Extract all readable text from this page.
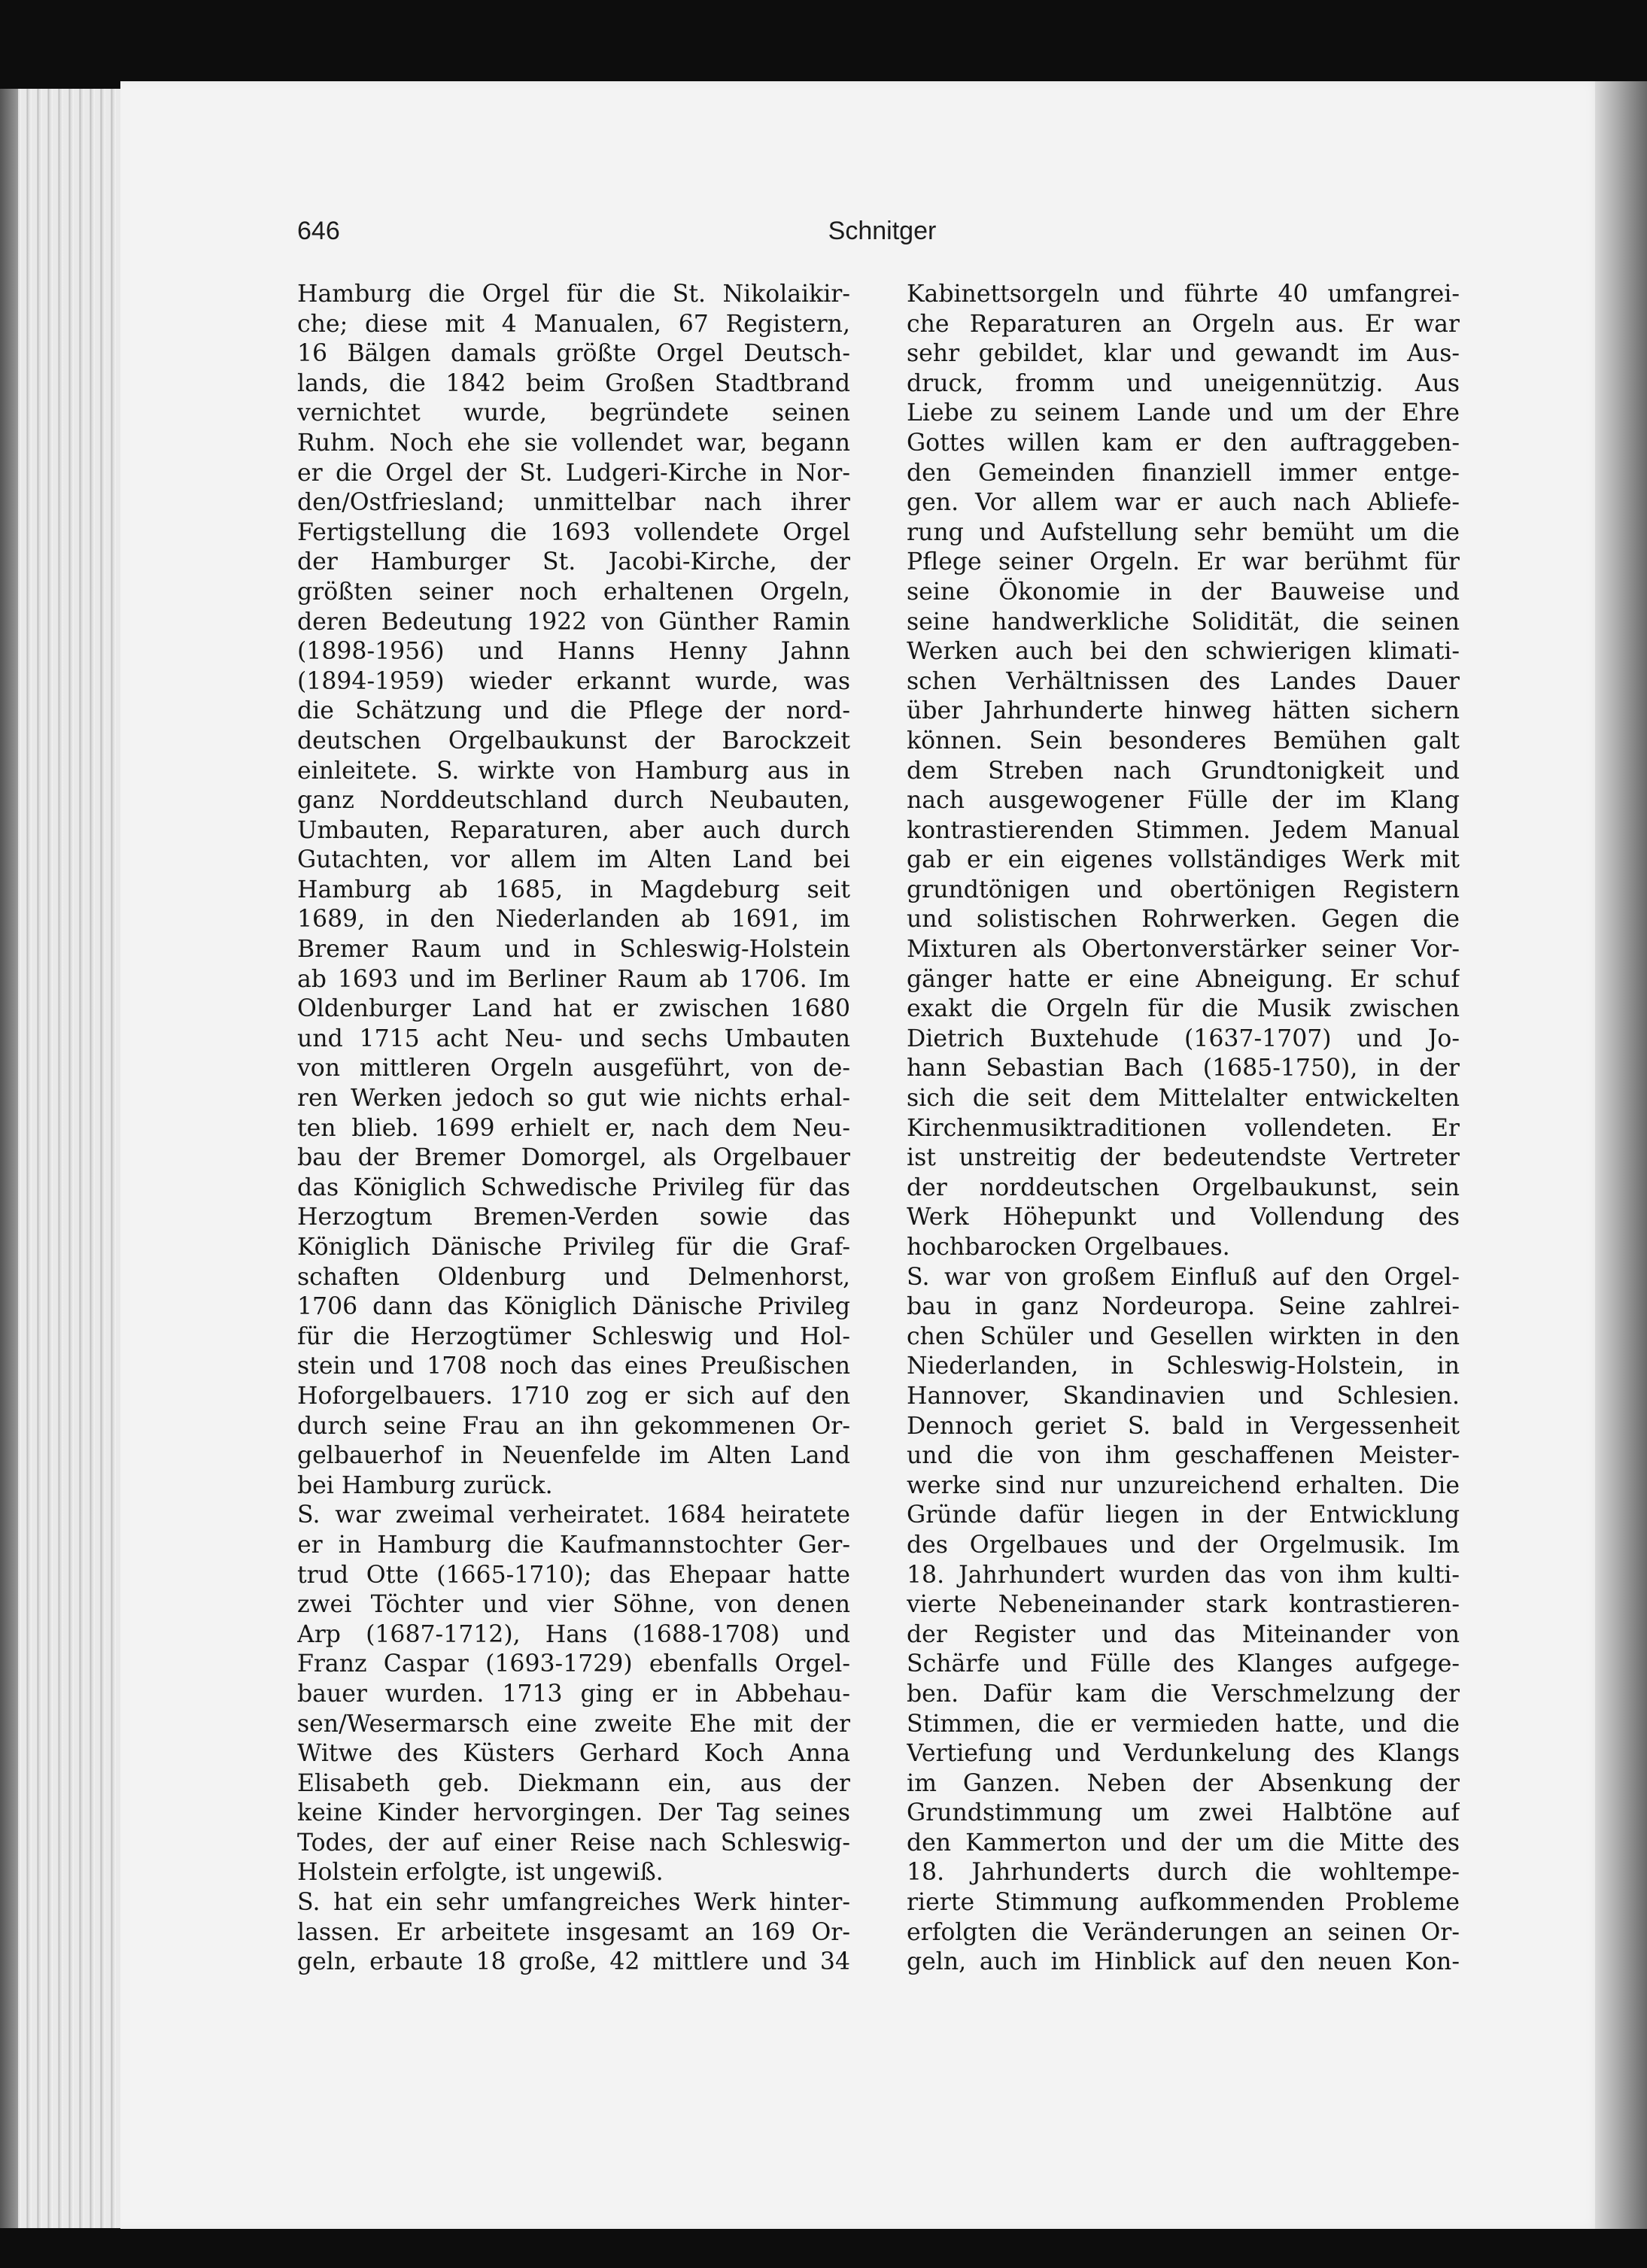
646	Schnitger
Hamburg die Orgel für die St. Nikolaikir-
che; diese mit 4 Manualen, 67 Registern,
16 Bälgen damals größte Orgel Deutsch-
lands, die 1842 beim Großen Stadtbrand
vernichtet wurde, begründete seinen
Ruhm. Noch ehe sie vollendet war, begann
er die Orgel der St. Ludgeri-Kirche in Nor-
den/Ostfriesland; unmittelbar nach ihrer
Fertigstellung die 1693 vollendete Orgel
der Hamburger St. Jacobi-Kirche, der
größten seiner noch erhaltenen Orgeln,
deren Bedeutung 1922 von Günther Ramin
(1898-1956) und Hanns Henny Jahnn
(1894-1959) wieder erkannt wurde, was
die Schätzung und die Pflege der nord-
deutschen Orgelbaukunst der Barockzeit
einleitete. S. wirkte von Hamburg aus in
ganz Norddeutschland durch Neubauten,
Umbauten, Reparaturen, aber auch durch
Gutachten, vor allem im Alten Land bei
Hamburg ab 1685, in Magdeburg seit
1689, in den Niederlanden ab 1691, im
Bremer Raum und in Schleswig-Holstein
ab 1693 und im Berliner Raum ab 1706. Im
Oldenburger Land hat er zwischen 1680
und 1715 acht Neu- und sechs Umbauten
von mittleren Orgeln ausgeführt, von de-
ren Werken jedoch so gut wie nichts erhal-
ten blieb. 1699 erhielt er, nach dem Neu-
bau der Bremer Domorgel, als Orgelbauer
das Königlich Schwedische Privileg für das
Herzogtum Bremen-Verden sowie das
Königlich Dänische Privileg für die Graf-
schaften Oldenburg und Delmenhorst,
1706 dann das Königlich Dänische Privileg
für die Herzogtümer Schleswig und Hol-
stein und 1708 noch das eines Preußischen
Hoforgelbauers. 1710 zog er sich auf den
durch seine Frau an ihn gekommenen Or-
gelbauerhof in Neuenfelde im Alten Land
bei Hamburg zurück.
S. war zweimal verheiratet. 1684 heiratete
er in Hamburg die Kaufmannstochter Ger-
trud Otte (1665-1710); das Ehepaar hatte
zwei Töchter und vier Söhne, von denen
Arp (1687-1712), Hans (1688-1708) und
Franz Caspar (1693-1729) ebenfalls Orgel-
bauer wurden. 1713 ging er in Abbehau-
sen/Wesermarsch eine zweite Ehe mit der
Witwe des Küsters Gerhard Koch Anna
Elisabeth geb. Diekmann ein, aus der
keine Kinder hervorgingen. Der Tag seines
Todes, der auf einer Reise nach Schleswig-
Holstein erfolgte, ist ungewiß.
S. hat ein sehr umfangreiches Werk hinter-
lassen. Er arbeitete insgesamt an 169 Or-
geln, erbaute 18 große, 42 mittlere und 34
Kabinettsorgeln und führte 40 umfangrei-
che Reparaturen an Orgeln aus. Er war
sehr gebildet, klar und gewandt im Aus-
druck, fromm und uneigennützig. Aus
Liebe zu seinem Lande und um der Ehre
Gottes willen kam er den auftraggeben-
den Gemeinden finanziell immer entge-
gen. Vor allem war er auch nach Abliefe-
rung und Aufstellung sehr bemüht um die
Pflege seiner Orgeln. Er war berühmt für
seine Ökonomie in der Bauweise und
seine handwerkliche Solidität, die seinen
Werken auch bei den schwierigen klimati-
schen Verhältnissen des Landes Dauer
über Jahrhunderte hinweg hätten sichern
können. Sein besonderes Bemühen galt
dem Streben nach Grundtonigkeit und
nach ausgewogener Fülle der im Klang
kontrastierenden Stimmen. Jedem Manual
gab er ein eigenes vollständiges Werk mit
grundtönigen und obertönigen Registern
und solistischen Rohrwerken. Gegen die
Mixturen als Obertonverstärker seiner Vor-
gänger hatte er eine Abneigung. Er schuf
exakt die Orgeln für die Musik zwischen
Dietrich Buxtehude (1637-1707) und Jo-
hann Sebastian Bach (1685-1750), in der
sich die seit dem Mittelalter entwickelten
Kirchenmusiktraditionen vollendeten. Er
ist unstreitig der bedeutendste Vertreter
der norddeutschen Orgelbaukunst, sein
Werk Höhepunkt und Vollendung des
hochbarocken Orgelbaues.
S. war von großem Einfluß auf den Orgel-
bau in ganz Nordeuropa. Seine zahlrei-
chen Schüler und Gesellen wirkten in den
Niederlanden, in Schleswig-Holstein, in
Hannover, Skandinavien und Schlesien.
Dennoch geriet S. bald in Vergessenheit
und die von ihm geschaffenen Meister-
werke sind nur unzureichend erhalten. Die
Gründe dafür liegen in der Entwicklung
des Orgelbaues und der Orgelmusik. Im
18. Jahrhundert wurden das von ihm kulti-
vierte Nebeneinander stark kontrastieren-
der Register und das Miteinander von
Schärfe und Fülle des Klanges aufgege-
ben. Dafür kam die Verschmelzung der
Stimmen, die er vermieden hatte, und die
Vertiefung und Verdunkelung des Klangs
im Ganzen. Neben der Absenkung der
Grundstimmung um zwei Halbtöne auf
den Kammerton und der um die Mitte des
18. Jahrhunderts durch die wohltempe-
rierte Stimmung aufkommenden Probleme
erfolgten die Veränderungen an seinen Or-
geln, auch im Hinblick auf den neuen Kon-
